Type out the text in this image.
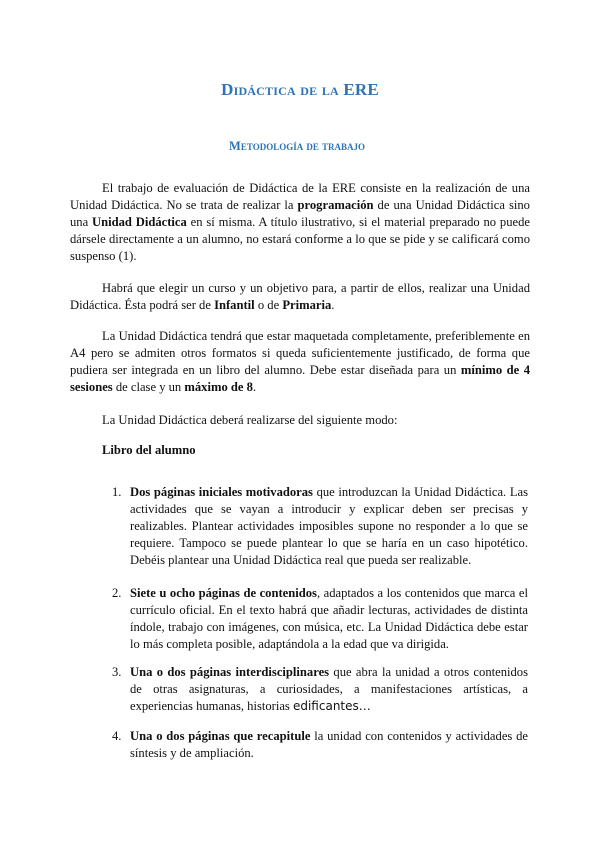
Didáctica de la ERE
Metodología de trabajo

El trabajo de evaluación de Didáctica de la ERE consiste en la realización de una Unidad Didáctica. No se trata de realizar la programación de una Unidad Didáctica sino una Unidad Didáctica en sí misma. A título ilustrativo, si el material preparado no puede dársele directamente a un alumno, no estará conforme a lo que se pide y se calificará como suspenso (1).

Habrá que elegir un curso y un objetivo para, a partir de ellos, realizar una Unidad Didáctica. Ésta podrá ser de Infantil o de Primaria.

La Unidad Didáctica tendrá que estar maquetada completamente, preferiblemente en A4 pero se admiten otros formatos si queda suficientemente justificado, de forma que pudiera ser integrada en un libro del alumno. Debe estar diseñada para un mínimo de 4 sesiones de clase y un máximo de 8.

La Unidad Didáctica deberá realizarse del siguiente modo:

Libro del alumno

1. Dos páginas iniciales motivadoras que introduzcan la Unidad Didáctica. Las actividades que se vayan a introducir y explicar deben ser precisas y realizables. Plantear actividades imposibles supone no responder a lo que se requiere. Tampoco se puede plantear lo que se haría en un caso hipotético. Debéis plantear una Unidad Didáctica real que pueda ser realizable.

2. Siete u ocho páginas de contenidos, adaptados a los contenidos que marca el currículo oficial. En el texto habrá que añadir lecturas, actividades de distinta índole, trabajo con imágenes, con música, etc. La Unidad Didáctica debe estar lo más completa posible, adaptándola a la edad que va dirigida.

3. Una o dos páginas interdisciplinares que abra la unidad a otros contenidos de otras asignaturas, a curiosidades, a manifestaciones artísticas, a experiencias humanas, historias edificantes…

4. Una o dos páginas que recapitule la unidad con contenidos y actividades de síntesis y de ampliación.
